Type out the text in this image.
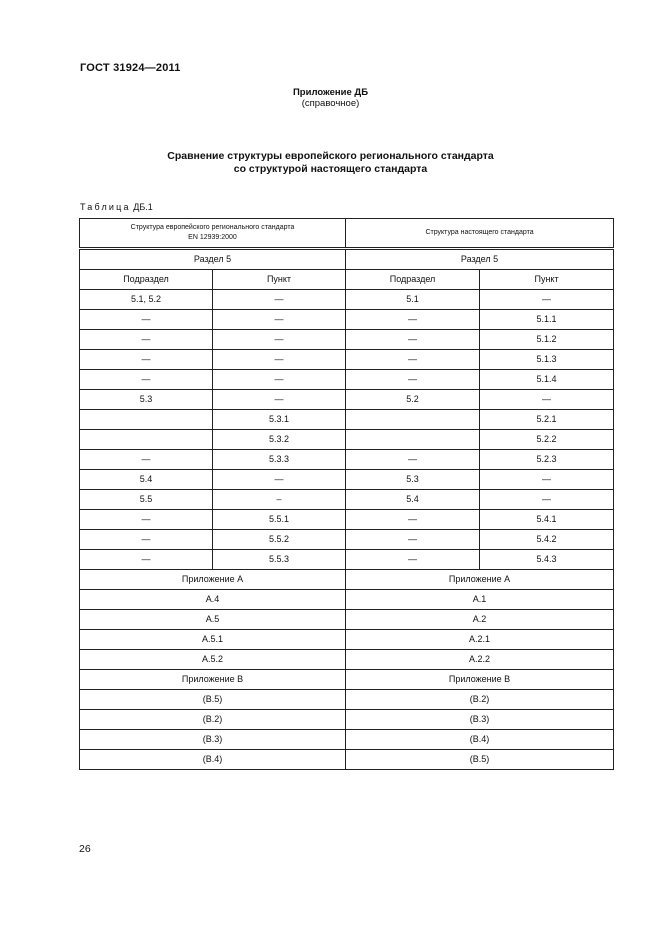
ГОСТ 31924—2011
Приложение ДБ
(справочное)
Сравнение структуры европейского регионального стандарта
со структурой настоящего стандарта
Таблица ДБ.1
Структура европейского регионального стандарта
EN 12939:2000		Структура настоящего стандарта	
Раздел 5		Раздел 5	
Подраздел	Пункт	Подраздел	Пункт
5.1, 5.2	—	5.1	—
—	—	—	5.1.1
—	—	—	5.1.2
—	—	—	5.1.3
—	—	—	5.1.4
5.3	—	5.2	—
	5.3.1		5.2.1
	5.3.2		5.2.2
—	5.3.3	—	5.2.3
5.4	—	5.3	—
5.5	–	5.4	—
—	5.5.1	—	5.4.1
—	5.5.2	—	5.4.2
—	5.5.3	—	5.4.3
Приложение А		Приложение А	
А.4		А.1	
А.5		А.2	
А.5.1		А.2.1	
А.5.2		А.2.2	
Приложение В		Приложение В	
(В.5)		(В.2)	
(В.2)		(В.3)	
(В.3)		(В.4)	
(В.4)		(В.5)	
26
